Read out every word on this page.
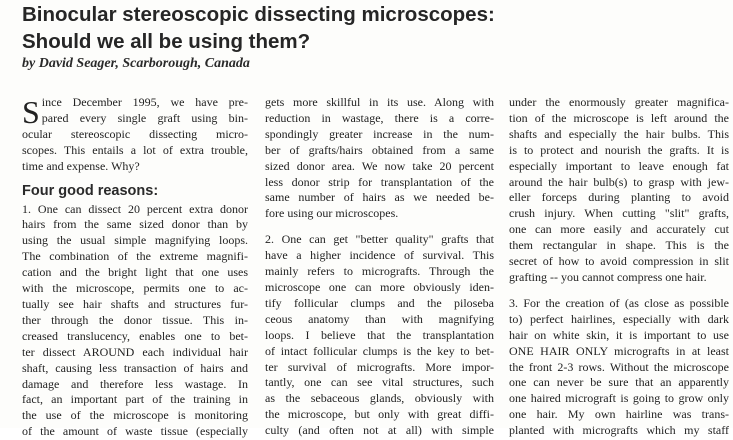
Binocular stereoscopic dissecting microscopes:
Should we all be using them?

by David Seager, Scarborough, Canada

S ince December 1995, we have pre-
pared every single graft using bin-
ocular stereoscopic dissecting micro-
scopes. This entails a lot of extra trouble,
time and expense. Why?
Four good reasons:
1. One can dissect 20 percent extra donor
hairs from the same sized donor than by
using the usual simple magnifying loops.
The combination of the extreme magnifi-
cation and the bright light that one uses
with the microscope, permits one to ac-
tually see hair shafts and structures fur-
ther through the donor tissue. This in-
creased translucency, enables one to bet-
ter dissect AROUND each individual hair
shaft, causing less transaction of hairs and
damage and therefore less wastage. In
fact, an important part of the training in
the use of the microscope is monitoring
of the amount of waste tissue (especially
gets more skillful in its use. Along with
reduction in wastage, there is a corre-
spondingly greater increase in the num-
ber of grafts/hairs obtained from a same
sized donor area. We now take 20 percent
less donor strip for transplantation of the
same number of hairs as we needed be-
fore using our microscopes.
2. One can get "better quality" grafts that
have a higher incidence of survival. This
mainly refers to micrografts. Through the
microscope one can more obviously iden-
tify follicular clumps and the piloseba
ceous anatomy than with magnifying
loops. I believe that the transplantation
of intact follicular clumps is the key to bet-
ter survival of micrografts. More impor-
tantly, one can see vital structures, such
as the sebaceous glands, obviously with
the microscope, but only with great diffi-
culty (and often not at all) with simple
under the enormously greater magnifica-
tion of the microscope is left around the
shafts and especially the hair bulbs. This
is to protect and nourish the grafts. It is
especially important to leave enough fat
around the hair bulb(s) to grasp with jew-
eller forceps during planting to avoid
crush injury. When cutting "slit" grafts,
one can more easily and accurately cut
them rectangular in shape. This is the
secret of how to avoid compression in slit
grafting -- you cannot compress one hair.
3. For the creation of (as close as possible
to) perfect hairlines, especially with dark
hair on white skin, it is important to use
ONE HAIR ONLY micrografts in at least
the front 2-3 rows. Without the microscope
one can never be sure that an apparently
one haired micrograft is going to grow only
one hair. My own hairline was trans-
planted with micrografts which my staff
